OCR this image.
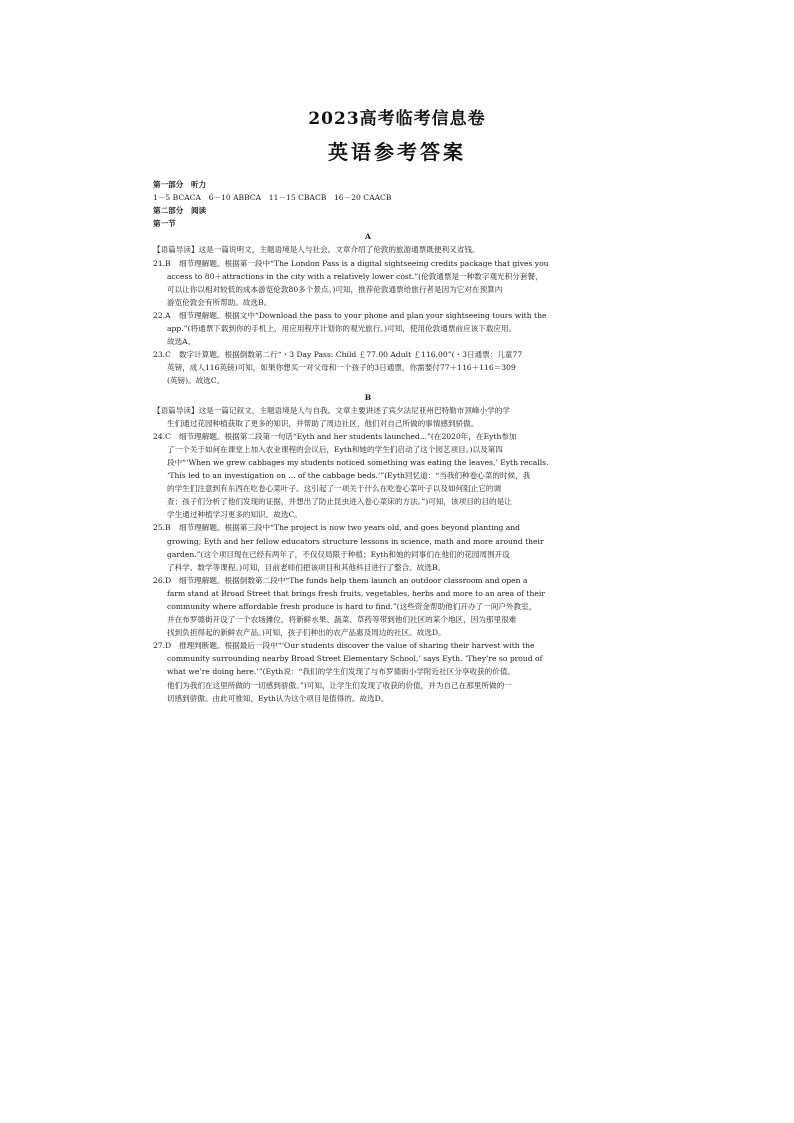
2023高考临考信息卷
英语参考答案
第一部分　听力
1－5 BCACA　6－10 ABBCA　11－15 CBACB　16－20 CAACB
第二部分　阅读
第一节
A
【语篇导读】这是一篇说明文，主题语境是人与社会。文章介绍了伦敦的旅游通票既便利又省钱。
21.B 细节理解题。根据第一段中“The London Pass is a digital sightseeing credits package that gives you
access to 80＋attractions in the city with a relatively lower cost.”(伦敦通票是一种数字观光积分套餐，
可以让你以相对较低的成本游览伦敦80多个景点。)可知，推荐伦敦通票给旅行者是因为它对在预算内
游览伦敦会有所帮助。故选B。
22.A 细节理解题。根据文中“Download the pass to your phone and plan your sightseeing tours with the
app.”(将通票下载到你的手机上，用应用程序计划你的观光旅行。)可知，使用伦敦通票前应该下载应用。
故选A。
23.C 数字计算题。根据倒数第二行“・3 Day Pass: Child ￡77.00 Adult ￡116.00”(・3日通票：儿童77
英镑，成人116英镑)可知，如果你想买一对父母和一个孩子的3日通票，你需要付77＋116＋116＝309
(英镑)。故选C。
B
【语篇导读】这是一篇记叙文，主题语境是人与自我。文章主要讲述了宾夕法尼亚州巴特勒市顶峰小学的学
生们通过花园种植获取了更多的知识，并帮助了周边社区，他们对自己所做的事情感到骄傲。
24.C 细节理解题。根据第二段第一句话“Eyth and her students launched...”(在2020年，在Eyth参加
了一个关于如何在课堂上加入农业课程的会议后，Eyth和她的学生们启动了这个园艺项目。)以及第四
段中“‘When we grew cabbages my students noticed something was eating the leaves,’ Eyth recalls.
‘This led to an investigation on ... of the cabbage beds.’”(Eyth回忆道：“当我们种卷心菜的时候，我
的学生们注意到有东西在吃卷心菜叶子。这引起了一项关于什么在吃卷心菜叶子以及如何阻止它的调
查；孩子们分析了他们发现的证据，并想出了防止昆虫进入卷心菜床的方法。”)可知，该项目的目的是让
学生通过种植学习更多的知识。故选C。
25.B 细节理解题。根据第三段中“The project is now two years old, and goes beyond planting and
growing; Eyth and her fellow educators structure lessons in science, math and more around their
garden.”(这个项目现在已经有两年了，不仅仅局限于种植；Eyth和她的同事们在他们的花园周围开设
了科学、数学等课程。)可知，目前老师们把该项目和其他科目进行了整合。故选B。
26.D 细节理解题。根据倒数第二段中“The funds help them launch an outdoor classroom and open a
farm stand at Broad Street that brings fresh fruits, vegetables, herbs and more to an area of their
community where affordable fresh produce is hard to find.”(这些资金帮助他们开办了一间户外教室，
并在布罗德街开设了一个农场摊位，将新鲜水果、蔬菜、草药等带到他们社区的某个地区，因为那里很难
找到负担得起的新鲜农产品。)可知，孩子们种出的农产品惠及周边的社区。故选D。
27.D 推理判断题。根据最后一段中“‘Our students discover the value of sharing their harvest with the
community surrounding nearby Broad Street Elementary School,’ says Eyth. ‘They’re so proud of
what we’re doing here.’”(Eyth说：“我们的学生们发现了与布罗德街小学附近社区分享收获的价值。
他们为我们在这里所做的一切感到骄傲。”)可知，让学生们发现了收获的价值，并为自己在那里所做的一
切感到骄傲。由此可推知，Eyth认为这个项目是值得的。故选D。
